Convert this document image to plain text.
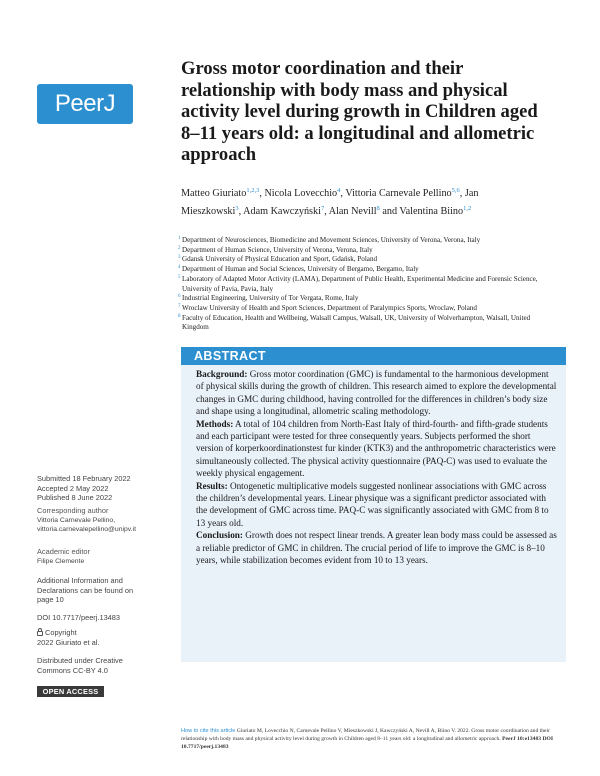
PeerJ
Gross motor coordination and their relationship with body mass and physical activity level during growth in Children aged 8–11 years old: a longitudinal and allometric approach
Matteo Giuriato$^{1,2,3}$, Nicola Lovecchio$^4$, Vittoria Carnevale Pellino$^{5,6}$, Jan Mieszkowski$^3$, Adam Kawczyński$^7$, Alan Nevill$^8$ and Valentina Biino$^{1,2}$
1 Department of Neurosciences, Biomedicine and Movement Sciences, University of Verona, Verona, Italy
2 Department of Human Science, University of Verona, Verona, Italy
3 Gdansk University of Physical Education and Sport, Gdańsk, Poland
4 Department of Human and Social Sciences, University of Bergamo, Bergamo, Italy
5 Laboratory of Adapted Motor Activity (LAMA), Department of Public Health, Experimental Medicine and Forensic Science, University of Pavia, Pavia, Italy
6 Industrial Engineering, University of Tor Vergata, Rome, Italy
7 Wroclaw University of Health and Sport Sciences, Department of Paralympics Sports, Wroclaw, Poland
8 Faculty of Education, Health and Wellbeing, Walsall Campus, Walsall, UK, University of Wolverhampton, Walsall, United Kingdom
ABSTRACT

Background: Gross motor coordination (GMC) is fundamental to the harmonious development of physical skills during the growth of children. This research aimed to explore the developmental changes in GMC during childhood, having controlled for the differences in children’s body size and shape using a longitudinal, allometric scaling methodology.

Methods: A total of 104 children from North-East Italy of third-fourth- and fifth-grade students and each participant were tested for three consequently years. Subjects performed the short version of korperkoordinationstest fur kinder (KTK3) and the anthropometric characteristics were simultaneously collected. The physical activity questionnaire (PAQ-C) was used to evaluate the weekly physical engagement.

Results: Ontogenetic multiplicative models suggested nonlinear associations with GMC across the children’s developmental years. Linear physique was a significant predictor associated with the development of GMC across time. PAQ-C was significantly associated with GMC from 8 to 13 years old.

Conclusion: Growth does not respect linear trends. A greater lean body mass could be assessed as a reliable predictor of GMC in children. The crucial period of life to improve the GMC is 8–10 years, while stabilization becomes evident from 10 to 13 years.

Submitted 18 February 2022
Accepted 2 May 2022
Published 8 June 2022
Corresponding author
Vittoria Carnevale Pellino,
vittoria.carnevalepellino@unipv.it
Academic editor
Filipe Clemente
Additional Information and Declarations can be found on page 10
DOI 10.7717/peerj.13483
Copyright
2022 Giuriato et al.
Distributed under Creative Commons CC-BY 4.0
OPEN ACCESS
How to cite this article Giuriato M, Lovecchio N, Carnevale Pellino V, Mieszkowski J, Kawczyński A, Nevill A, Biino V. 2022. Gross motor coordination and their relationship with body mass and physical activity level during growth in Children aged 8–11 years old: a longitudinal and allometric approach. PeerJ 10:e13483 DOI 10.7717/peerj.13483
